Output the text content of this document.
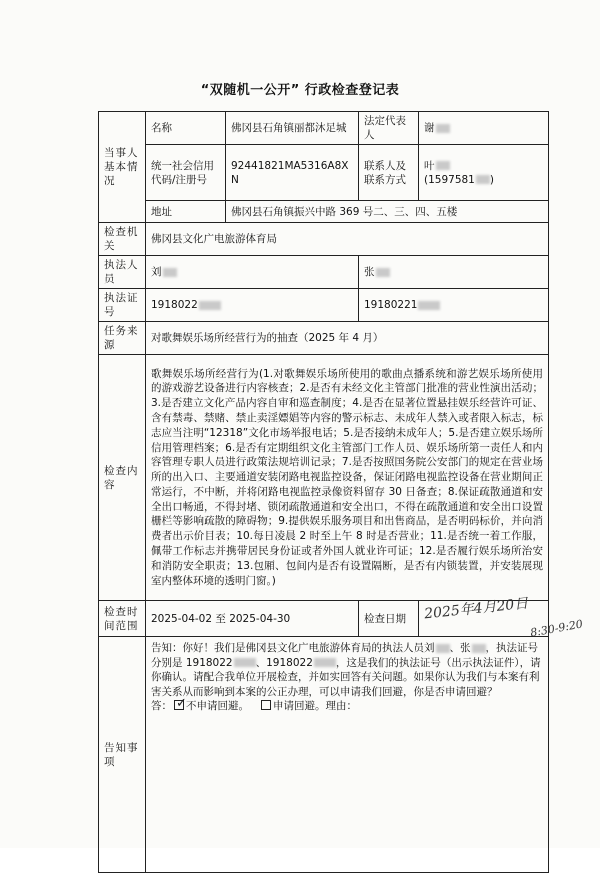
“双随机一公开” 行政检查登记表
当事人基本情况	名称	佛冈县石角镇丽都沐足城	法定代表人	谢
	统一社会信用代码/注册号	92441821MA5316A8XN	联系人及联系方式	叶
(1597581 )
	地址	佛冈县石角镇振兴中路 369 号二、三、四、五楼		
检查机关	佛冈县文化广电旅游体育局			
执法人员	刘		张	
执法证号	1918022		19180221	
任务来源	对歌舞娱乐场所经营行为的抽查（2025 年 4 月）			
检查内容	歌舞娱乐场所经营行为(1.对歌舞娱乐场所使用的歌曲点播系统和游艺娱乐场所使用的游戏游艺设备进行内容核查；2.是否有未经文化主管部门批准的营业性演出活动；3.是否建立文化产品内容自审和巡查制度；4.是否在显著位置悬挂娱乐经营许可证、含有禁毒、禁赌、禁止卖淫嫖娼等内容的警示标志、未成年人禁入或者限入标志，标志应当注明“12318”文化市场举报电话；5.是否接纳未成年人；5.是否建立娱乐场所信用管理档案；6.是否有定期组织文化主管部门工作人员、娱乐场所第一责任人和内容管理专职人员进行政策法规培训记录；7.是否按照国务院公安部门的规定在营业场所的出入口、主要通道安装闭路电视监控设备，保证闭路电视监控设备在营业期间正常运行，不中断，并将闭路电视监控录像资料留存 30 日备查；8.保证疏散通道和安全出口畅通，不得封堵、锁闭疏散通道和安全出口，不得在疏散通道和安全出口设置栅栏等影响疏散的障碍物；9.提供娱乐服务项目和出售商品，是否明码标价，并向消费者出示价目表；10.每日凌晨 2 时至上午 8 时是否营业；11.是否统一着工作服，佩带工作标志并携带居民身份证或者外国人就业许可证；12.是否履行娱乐场所治安和消防安全职责；13.包厢、包间内是否有设置隔断，是否有内锁装置，并安装展现室内整体环境的透明门窗。)			
检查时间范围	2025-04-02 至 2025-04-30		检查日期	
告知事项	告知：你好！我们是佛冈县文化广电旅游体育局的执法人员刘 、张 ，执法证号分别是 1918022 、1918022 ，这是我们的执法证号（出示执法证件），请你确认。请配合我单位开展检查，并如实回答有关问题。如果你认为我们与本案有利害关系从而影响到本案的公正办理，可以申请我们回避，你是否申请回避？
答： 不申请回避。 申请回避。理由：			
2025年4月20日
8:30-9:20
✓
